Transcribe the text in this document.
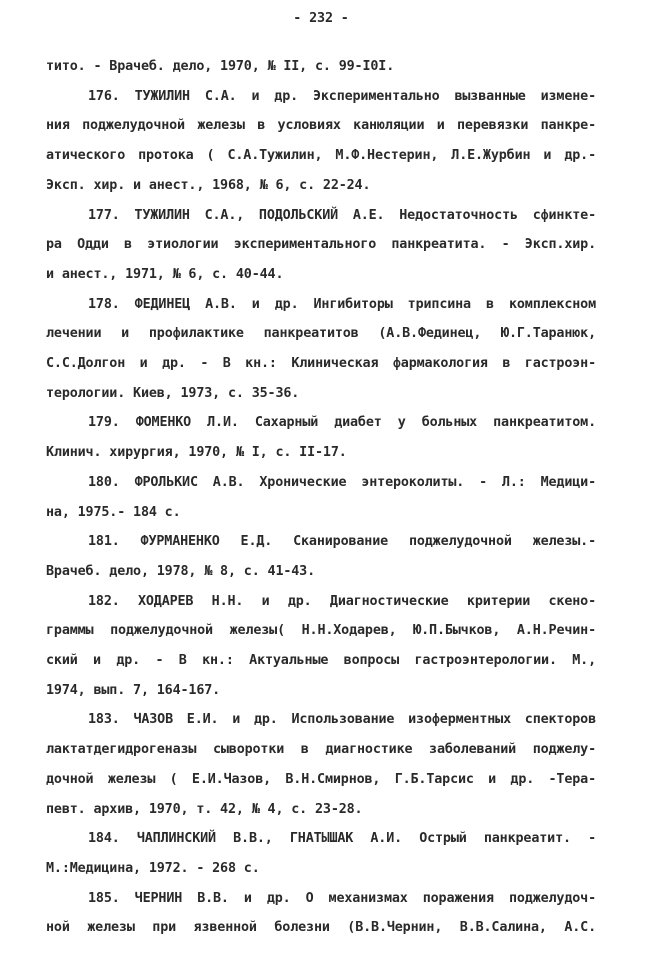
- 232 -
тито. - Врачеб. дело, 1970, № II, с. 99-I0I.
176. ТУЖИЛИН С.А. и др. Экспериментально вызванные измене-
ния поджелудочной железы в условиях канюляции и перевязки панкре-
атического протока ( С.А.Тужилин, М.Ф.Нестерин, Л.Е.Журбин и др.-
Эксп. хир. и анест., 1968, № 6, с. 22-24.
177. ТУЖИЛИН С.А., ПОДОЛЬСКИЙ А.Е. Недостаточность сфинкте-
ра Одди в этиологии экспериментального панкреатита. - Эксп.хир.
и анест., 1971, № 6, с. 40-44.
178. ФЕДИНЕЦ А.В. и др. Ингибиторы трипсина в комплексном
лечении и профилактике панкреатитов (А.В.Фединец, Ю.Г.Таранюк,
С.С.Долгон и др. - В кн.: Клиническая фармакология в гастроэн-
терологии. Киев, 1973, с. 35-36.
179. ФОМЕНКО Л.И. Сахарный диабет у больных панкреатитом.
Клинич. хирургия, 1970, № I, с. II-17.
180. ФРОЛЬКИС А.В. Хронические энтероколиты. - Л.: Медици-
на, 1975.- 184 с.
181. ФУРМАНЕНКО Е.Д. Сканирование поджелудочной железы.-
Врачеб. дело, 1978, № 8, с. 41-43.
182. ХОДАРЕВ Н.Н. и др. Диагностические критерии скено-
граммы поджелудочной железы( Н.Н.Ходарев, Ю.П.Бычков, А.Н.Речин-
ский и др. - В кн.: Актуальные вопросы гастроэнтерологии. М.,
1974, вып. 7, 164-167.
183. ЧАЗОВ Е.И. и др. Использование изоферментных спекторов
лактатдегидрогеназы сыворотки в диагностике заболеваний поджелу-
дочной железы ( Е.И.Чазов, В.Н.Смирнов, Г.Б.Тарсис и др. -Тера-
певт. архив, 1970, т. 42, № 4, с. 23-28.
184. ЧАПЛИНСКИЙ В.В., ГНАТЫШАК А.И. Острый панкреатит. -
М.:Медицина, 1972. - 268 с.
185. ЧЕРНИН В.В. и др. О механизмах поражения поджелудоч-
ной железы при язвенной болезни (В.В.Чернин, В.В.Салина, А.С.
